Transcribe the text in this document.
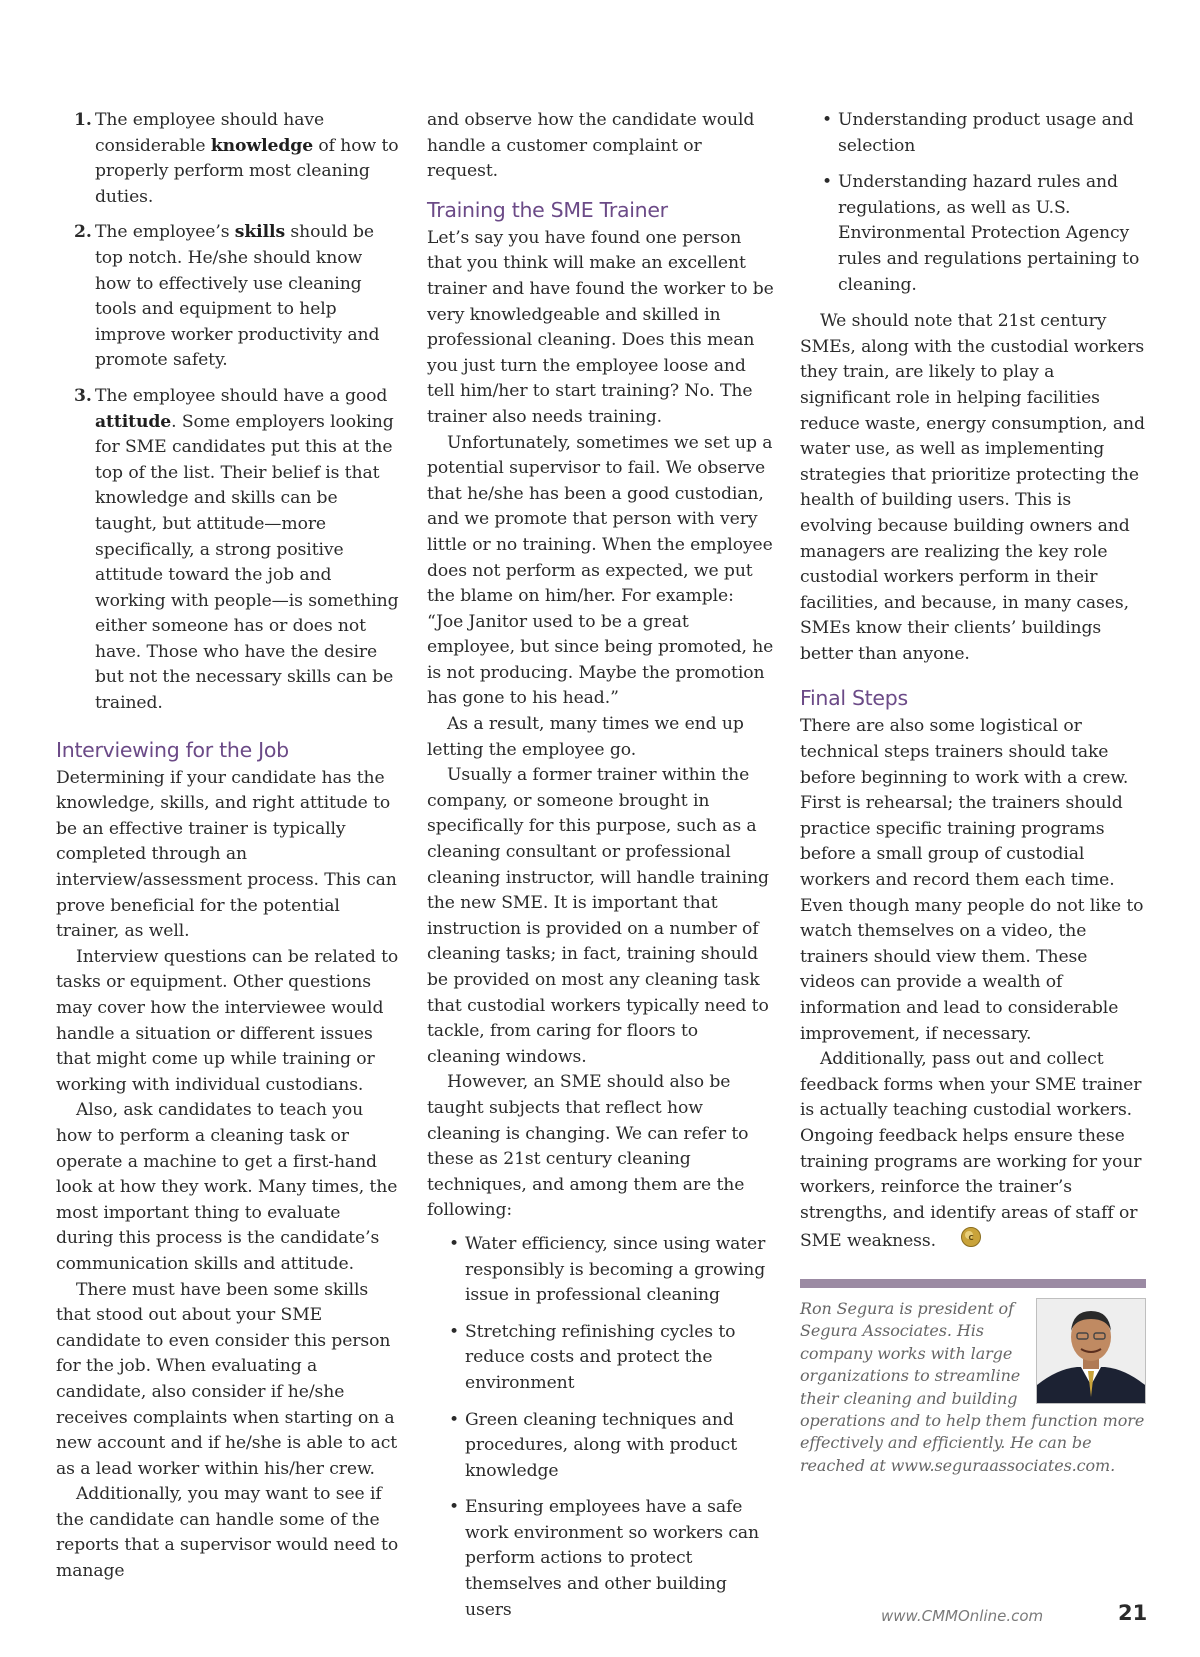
1. The employee should have considerable knowledge of how to properly perform most cleaning duties.
2. The employee’s skills should be top notch. He/she should know how to effectively use cleaning tools and equipment to help improve worker productivity and promote safety.
3. The employee should have a good attitude. Some employers looking for SME candidates put this at the top of the list. Their belief is that knowledge and skills can be taught, but attitude—more specifically, a strong positive attitude toward the job and working with people—is something either someone has or does not have. Those who have the desire but not the necessary skills can be trained.
Interviewing for the Job

Determining if your candidate has the knowledge, skills, and right attitude to be an effective trainer is typically completed through an interview/assessment process. This can prove beneficial for the potential trainer, as well.

Interview questions can be related to tasks or equipment. Other questions may cover how the interviewee would handle a situation or different issues that might come up while training or working with individual custodians.

Also, ask candidates to teach you how to perform a cleaning task or operate a machine to get a first-hand look at how they work. Many times, the most important thing to evaluate during this process is the candidate’s communication skills and attitude.

There must have been some skills that stood out about your SME candidate to even consider this person for the job. When evaluating a candidate, also consider if he/she receives complaints when starting on a new account and if he/she is able to act as a lead worker within his/her crew.

Additionally, you may want to see if the candidate can handle some of the reports that a supervisor would need to manage

and observe how the candidate would handle a customer complaint or request.

Training the SME Trainer

Let’s say you have found one person that you think will make an excellent trainer and have found the worker to be very knowledgeable and skilled in professional cleaning. Does this mean you just turn the employee loose and tell him/her to start training? No. The trainer also needs training.

Unfortunately, sometimes we set up a potential supervisor to fail. We observe that he/she has been a good custodian, and we promote that person with very little or no training. When the employee does not perform as expected, we put the blame on him/her. For example: “Joe Janitor used to be a great employee, but since being promoted, he is not producing. Maybe the promotion has gone to his head.”

As a result, many times we end up letting the employee go.

Usually a former trainer within the company, or someone brought in specifically for this purpose, such as a cleaning consultant or professional cleaning instructor, will handle training the new SME. It is important that instruction is provided on a number of cleaning tasks; in fact, training should be provided on most any cleaning task that custodial workers typically need to tackle, from caring for floors to cleaning windows.

However, an SME should also be taught subjects that reflect how cleaning is changing. We can refer to these as 21st century cleaning techniques, and among them are the following:

• Water efficiency, since using water responsibly is becoming a growing issue in professional cleaning
• Stretching refinishing cycles to reduce costs and protect the environment
• Green cleaning techniques and procedures, along with product knowledge
• Ensuring employees have a safe work environment so workers can perform actions to protect themselves and other building users
• Understanding product usage and selection
• Understanding hazard rules and regulations, as well as U.S. Environmental Protection Agency rules and regulations pertaining to cleaning.

We should note that 21st century SMEs, along with the custodial workers they train, are likely to play a significant role in helping facilities reduce waste, energy consumption, and water use, as well as implementing strategies that prioritize protecting the health of building users. This is evolving because building owners and managers are realizing the key role custodial workers perform in their facilities, and because, in many cases, SMEs know their clients’ buildings better than anyone.

Final Steps

There are also some logistical or technical steps trainers should take before beginning to work with a crew. First is rehearsal; the trainers should practice specific training programs before a small group of custodial workers and record them each time. Even though many people do not like to watch themselves on a video, the trainers should view them. These videos can provide a wealth of information and lead to considerable improvement, if necessary.

Additionally, pass out and collect feedback forms when your SME trainer is actually teaching custodial workers. Ongoing feedback helps ensure these training programs are working for your workers, reinforce the trainer’s strengths, and identify areas of staff or SME weakness.	C

Ron Segura is president of Segura Associates. His company works with large organizations to streamline their cleaning and building operations and to help them function more effectively and efficiently. He can be reached at www.seguraassociates.com.
www.CMMOnline.com	21
